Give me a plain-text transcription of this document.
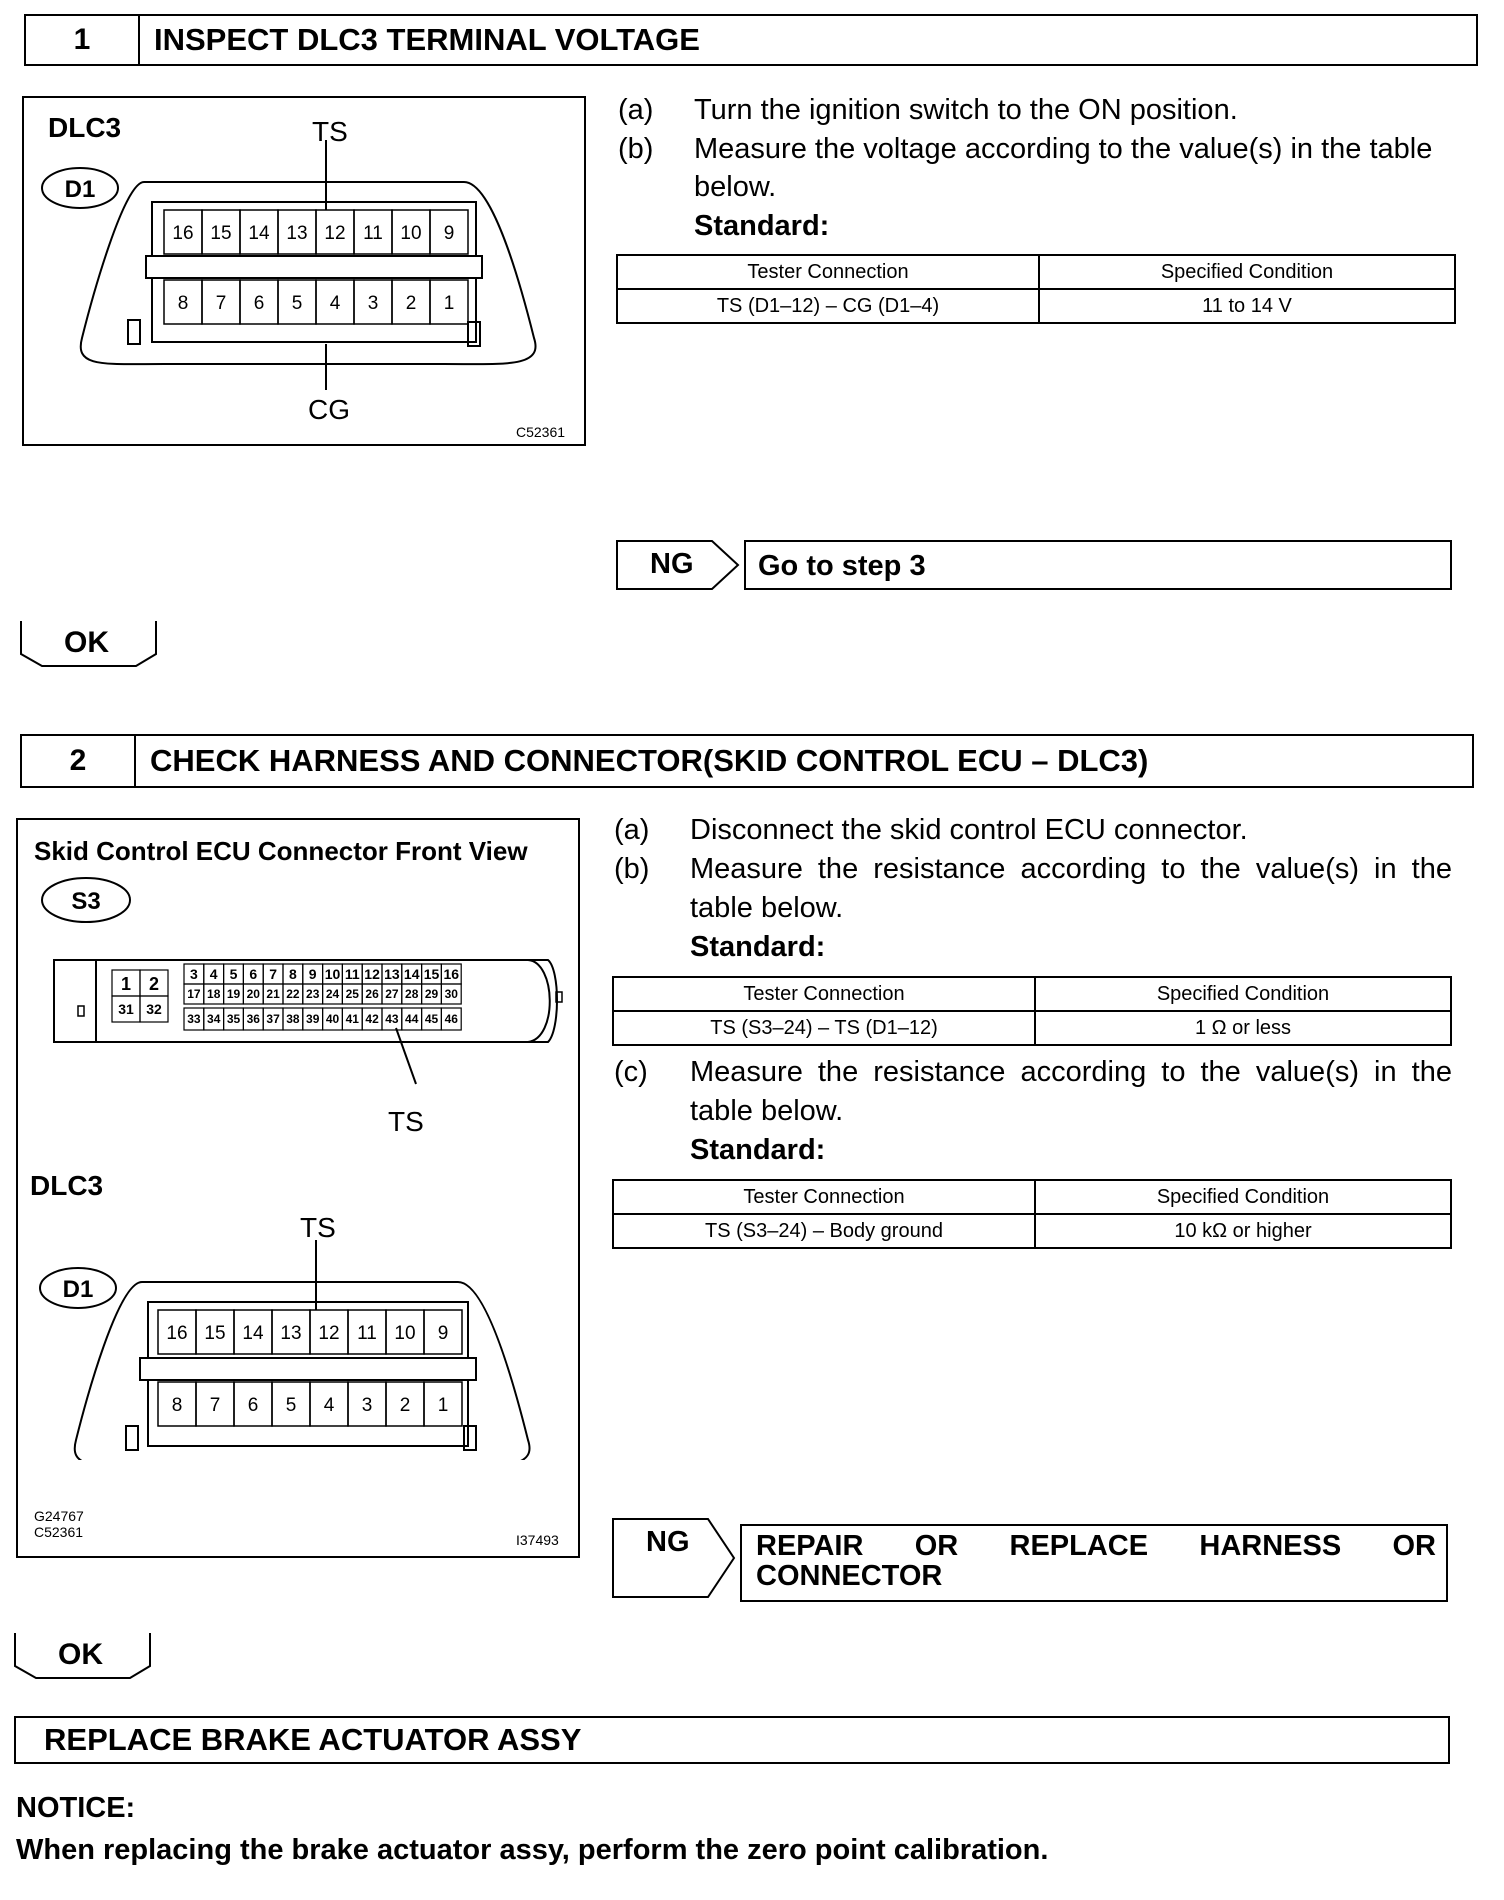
1	INSPECT DLC3 TERMINAL VOLTAGE
DLC3	TS
CG
C52361
D1
16 15 14 13 12 11 10 9
8 7 6 5 4 3 2 1
(a) Turn the ignition switch to the ON position.
(b) Measure the voltage according to the value(s) in the table
below.
Standard:
Tester Connection	Specified Condition
TS (D1–12) – CG (D1–4)	11 to 14 V
NG Go to step 3
OK
2	CHECK HARNESS AND CONNECTOR(SKID CONTROL ECU – DLC3)
Skid Control ECU Connector Front View
S3
1 2
31 32
3 4 5 6 7 8 9 10 11 12 13 14 15 16
17 18 19 20 21 22 23 24 25 26 27 28 29 30
33 34 35 36 37 38 39 40 41 42 43 44 45 46
TS
DLC3
TS
D1
16 15 14 13 12 11 10 9
8 7 6 5 4 3 2 1
G24767
C52361	I37493
(a) Disconnect the skid control ECU connector.
(b) Measure the resistance according to the value(s) in the
table below.
Standard:
Tester Connection	Specified Condition
TS (S3–24) – TS (D1–12)	1 Ω or less
(c) Measure the resistance according to the value(s) in the
table below.
Standard:
Tester Connection	Specified Condition
TS (S3–24) – Body ground	10 kΩ or higher
NG REPAIR OR REPLACE HARNESS OR
CONNECTOR
OK
REPLACE BRAKE ACTUATOR ASSY
NOTICE:
When replacing the brake actuator assy, perform the zero point calibration.
